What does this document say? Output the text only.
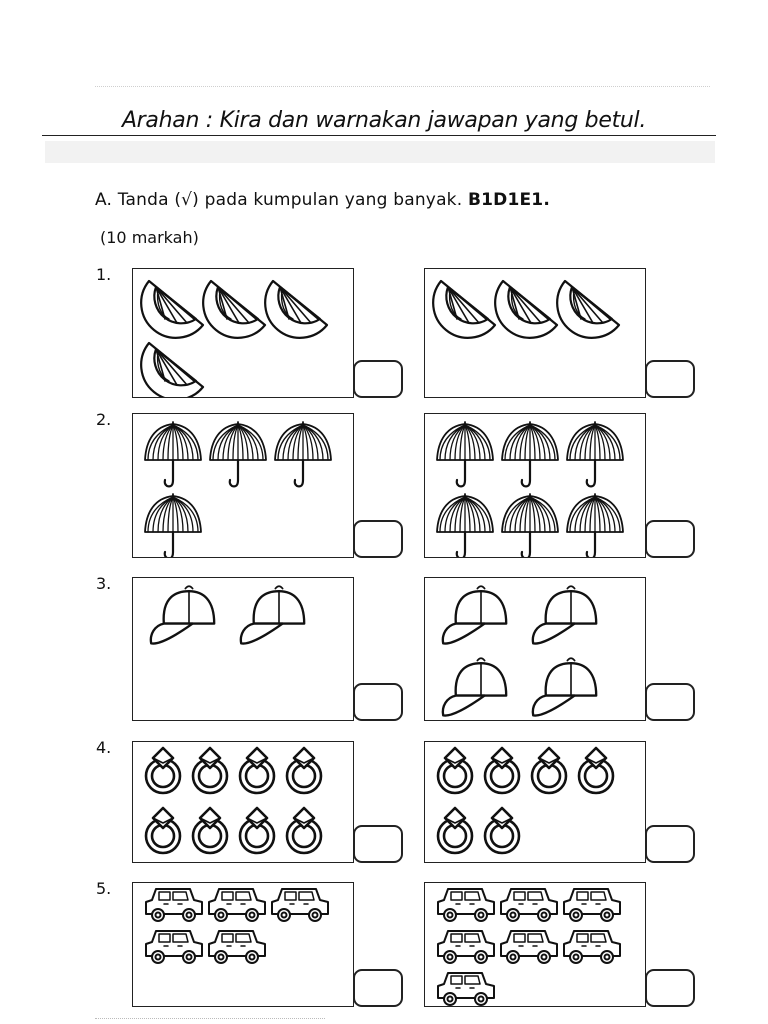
Arahan : Kira dan warnakan jawapan yang betul.
A. Tanda (√) pada kumpulan yang banyak. B1D1E1.
(10 markah)
1.
2.
3.
4.
5.
